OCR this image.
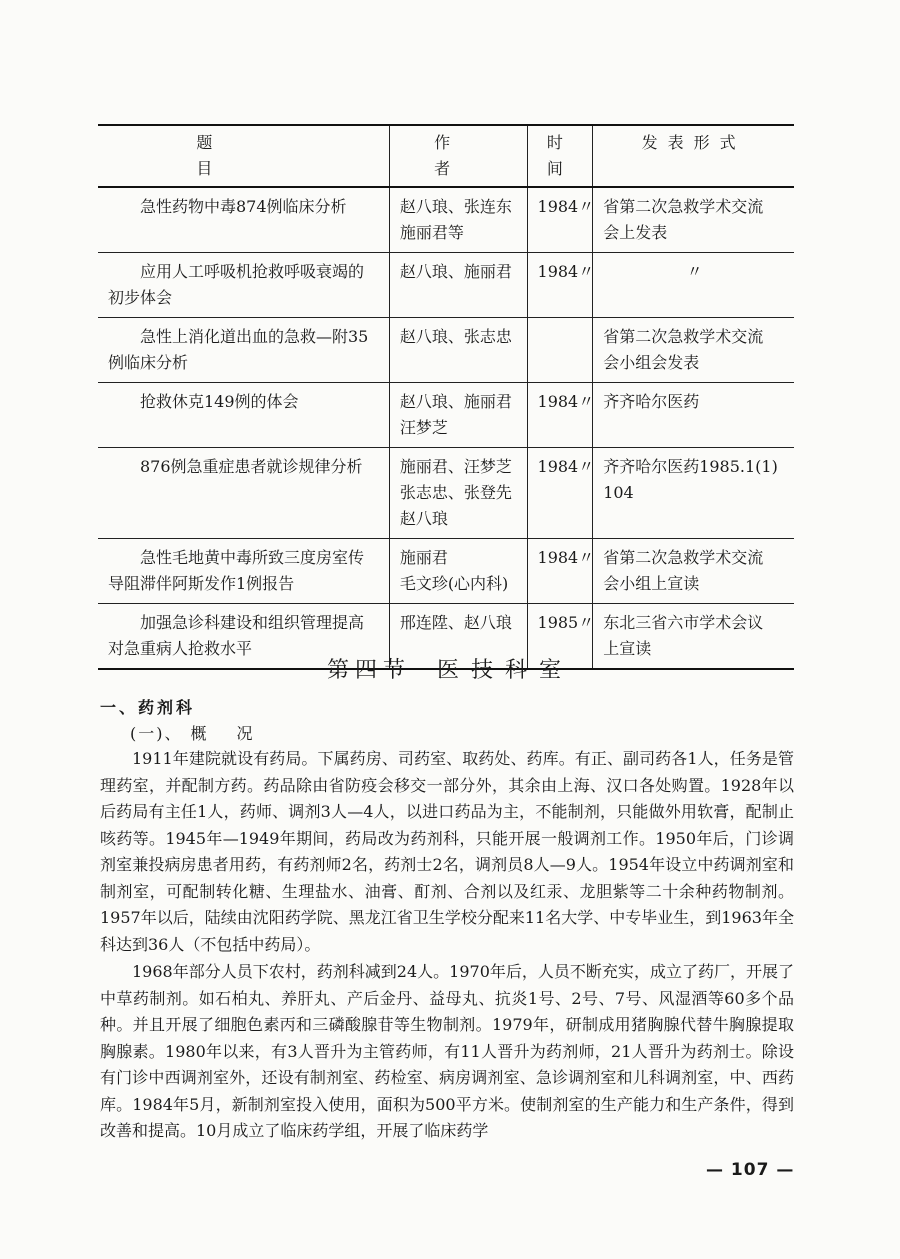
题目	作者	时间	发表形式

急性药物中毒874例临床分析	赵八琅、张连东
施丽君等	1984〃	省第二次急救学术交流
会上发表

应用人工呼吸机抢救呼吸衰竭的
初步体会	赵八琅、施丽君	1984〃	〃

急性上消化道出血的急救—附35
例临床分析	赵八琅、张志忠		省第二次急救学术交流
会小组会发表

抢救休克149例的体会	赵八琅、施丽君
汪梦芝	1984〃	齐齐哈尔医药

876例急重症患者就诊规律分析	施丽君、汪梦芝
张志忠、张登先
赵八琅	1984〃	齐齐哈尔医药1985.1(1)
104

急性毛地黄中毒所致三度房室传
导阻滞伴阿斯发作1例报告	施丽君
毛文珍(心内科)	1984〃	省第二次急救学术交流
会小组上宣读

加强急诊科建设和组织管理提高
对急重病人抢救水平	邢连陞、赵八琅	1985〃	东北三省六市学术会议
上宣读
第四节 医技科室
一、药剂科
(一)、 概况

1911年建院就设有药局。下属药房、司药室、取药处、药库。有正、副司药各1人，任务是管理药室，并配制方药。药品除由省防疫会移交一部分外，其余由上海、汉口各处购置。1928年以后药局有主任1人，药师、调剂3人—4人，以进口药品为主，不能制剂，只能做外用软膏，配制止咳药等。1945年—1949年期间，药局改为药剂科，只能开展一般调剂工作。1950年后，门诊调剂室兼投病房患者用药，有药剂师2名，药剂士2名，调剂员8人—9人。1954年设立中药调剂室和制剂室，可配制转化糖、生理盐水、油膏、酊剂、合剂以及红汞、龙胆紫等二十余种药物制剂。1957年以后，陆续由沈阳药学院、黑龙江省卫生学校分配来11名大学、中专毕业生，到1963年全科达到36人（不包括中药局）。

1968年部分人员下农村，药剂科减到24人。1970年后，人员不断充实，成立了药厂，开展了中草药制剂。如石柏丸、养肝丸、产后金丹、益母丸、抗炎1号、2号、7号、风湿酒等60多个品种。并且开展了细胞色素丙和三磷酸腺苷等生物制剂。1979年，研制成用猪胸腺代替牛胸腺提取胸腺素。1980年以来，有3人晋升为主管药师，有11人晋升为药剂师，21人晋升为药剂士。除设有门诊中西调剂室外，还设有制剂室、药检室、病房调剂室、急诊调剂室和儿科调剂室，中、西药库。1984年5月，新制剂室投入使用，面积为500平方米。使制剂室的生产能力和生产条件，得到改善和提高。10月成立了临床药学组，开展了临床药学

— 107 —
